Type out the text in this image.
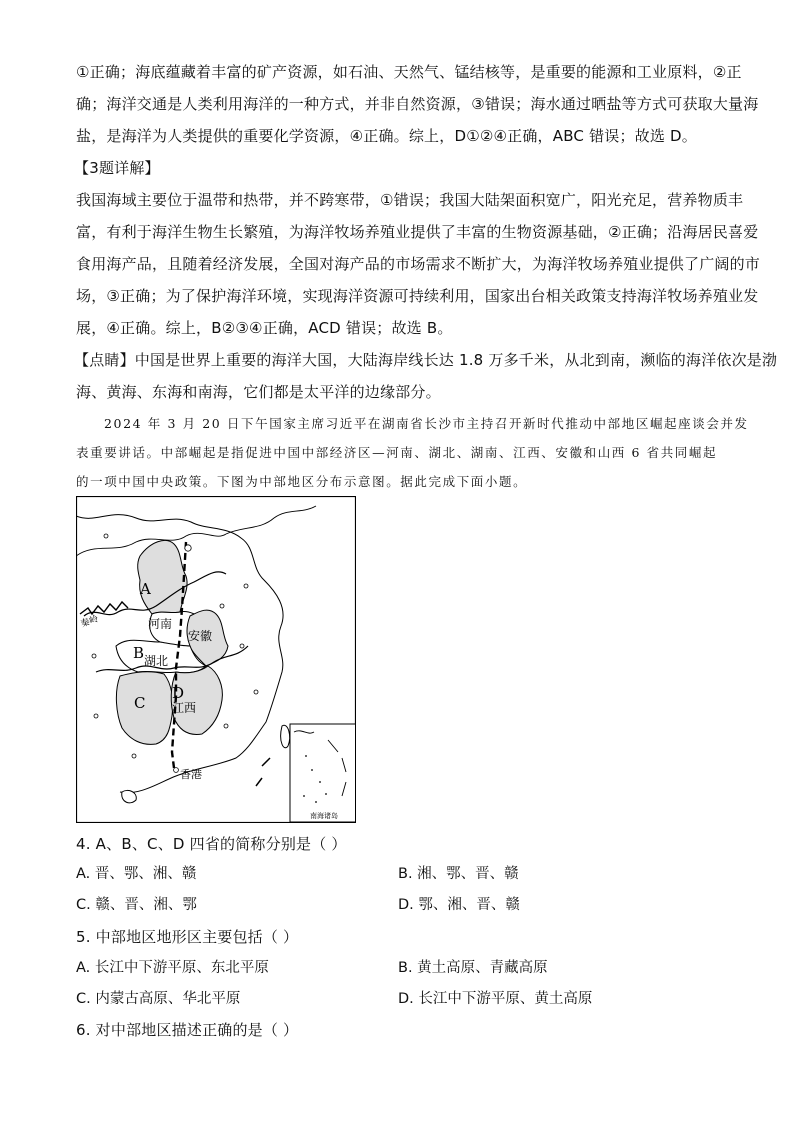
①正确；海底蕴藏着丰富的矿产资源，如石油、天然气、锰结核等，是重要的能源和工业原料，②正
确；海洋交通是人类利用海洋的一种方式，并非自然资源，③错误；海水通过晒盐等方式可获取大量海
盐，是海洋为人类提供的重要化学资源，④正确。综上，D①②④正确，ABC 错误；故选 D。
【3题详解】
我国海域主要位于温带和热带，并不跨寒带，①错误；我国大陆架面积宽广，阳光充足，营养物质丰
富，有利于海洋生物生长繁殖，为海洋牧场养殖业提供了丰富的生物资源基础，②正确；沿海居民喜爱
食用海产品，且随着经济发展，全国对海产品的市场需求不断扩大，为海洋牧场养殖业提供了广阔的市
场，③正确；为了保护海洋环境，实现海洋资源可持续利用，国家出台相关政策支持海洋牧场养殖业发
展，④正确。综上，B②③④正确，ACD 错误；故选 B。
【点睛】中国是世界上重要的海洋大国，大陆海岸线长达 1.8 万多千米，从北到南，濒临的海洋依次是渤
海、黄海、东海和南海，它们都是太平洋的边缘部分。
2024 年 3 月 20 日下午国家主席习近平在湖南省长沙市主持召开新时代推动中部地区崛起座谈会并发
表重要讲话。中部崛起是指促进中国中部经济区—河南、湖北、湖南、江西、安徽和山西 6 省共同崛起
的一项中国中央政策。下图为中部地区分布示意图。据此完成下面小题。
A
河南
安徽
B 湖北
D
C 江西
香港
秦岭
南海诸岛
4. A、B、C、D 四省的简称分别是（ ）
A. 晋、鄂、湘、赣	B. 湘、鄂、晋、赣
C. 赣、晋、湘、鄂	D. 鄂、湘、晋、赣
5. 中部地区地形区主要包括（ ）
A. 长江中下游平原、东北平原	B. 黄土高原、青藏高原
C. 内蒙古高原、华北平原	D. 长江中下游平原、黄土高原
6. 对中部地区描述正确的是（ ）
